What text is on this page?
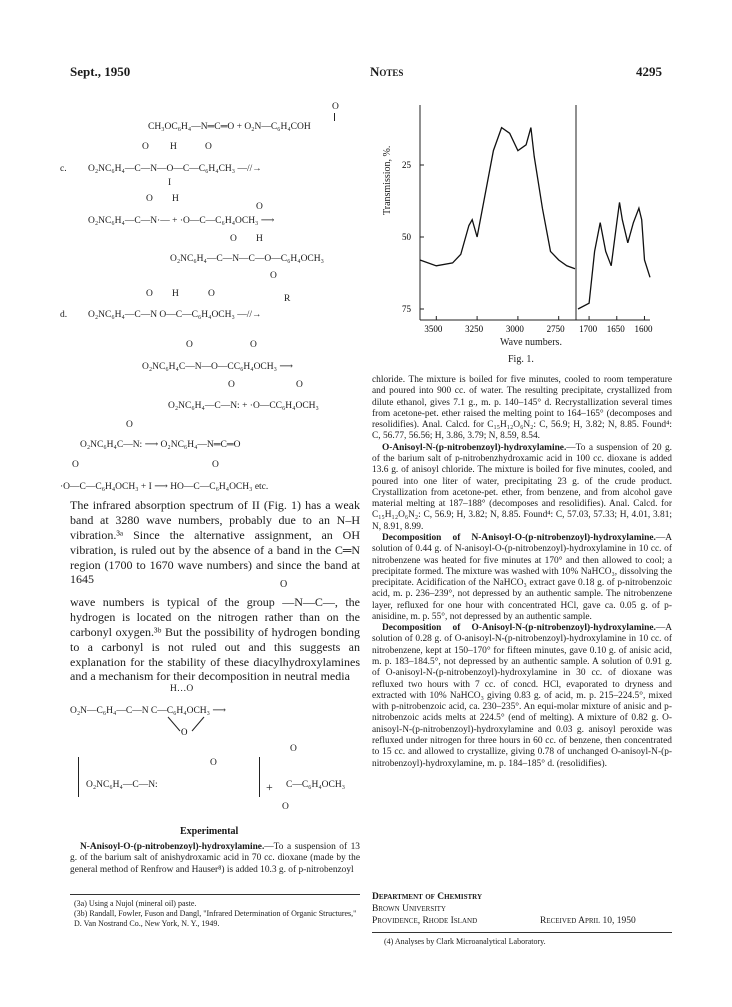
Sept., 1950	Notes	4295
O
CH₃OC₆H₄—N═C═O + O₂N—C₆H₄COH
O H	O
c. O₂NC₆H₄—C—N—O—C—C₆H₄CH₃ —//→
I
O H
O
O₂NC₆H₄—C—N·— + ·O—C—C₆H₄OCH₃ ⟶
O H
O₂NC₆H₄—C—N—C—O—C₆H₄OCH₃
O
O H	O	R
d. O₂NC₆H₄—C—N O—C—C₆H₄OCH₃ —//→
O	O
O₂NC₆H₄C—N—O—CC₆H₄OCH₃ ⟶
O	O
O₂NC₆H₄—C—N: + ·O—CC₆H₄OCH₃
O
O₂NC₆H₄C—N: ⟶ O₂NC₆H₄—N═C═O
O	O
·O—C—C₆H₄OCH₃ + I ⟶ HO—C—C₆H₄OCH₃ etc.
The infrared absorption spectrum of II (Fig. 1) has a weak band at 3280 wave numbers, probably due to an N–H vibration.³ᵃ Since the alternative assignment, an OH vibration, is ruled out by the absence of a band in the C═N region (1700 to 1670 wave numbers) and since the band at 1645	O
wave numbers is typical of the group —N—C—, the hydrogen is located on the nitrogen rather than on the carbonyl oxygen.³ᵇ But the possibility of hydrogen bonding to a carbonyl is not ruled out and this suggests an explanation for the stability of these diacylhydroxylamines and a mechanism for their decomposition in neutral media
H…O
O₂N—C₆H₄—C—N C—C₆H₄OCH₃ ⟶
O
O
O
O₂NC₆H₄—C—N:	+ C—C₆H₄OCH₃
O
Experimental

N-Anisoyl-O-(p-nitrobenzoyl)-hydroxylamine.—To a suspension of 13 g. of the barium salt of anishydroxamic acid in 70 cc. dioxane (made by the general method of Renfrow and Hauser⁸) is added 10.3 g. of p-nitrobenzoyl

(3a) Using a Nujol (mineral oil) paste.
(3b) Randall, Fowler, Fuson and Dangl, "Infrared Determination of Organic Structures," D. Van Nostrand Co., New York, N. Y., 1949.
25
50
75
3500	3250	3000	2750 1700 1650 1600
Wave numbers.
Fig. 1.
Transmission, %.

chloride. The mixture is boiled for five minutes, cooled to room temperature and poured into 900 cc. of water. The resulting precipitate, crystallized from dilute ethanol, gives 7.1 g., m. p. 140–145° d. Recrystallization several times from acetone-pet. ether raised the melting point to 164–165° (decomposes and resolidifies). Anal. Calcd. for C₁₅H₁₂O₆N₂: C, 56.9; H, 3.82; N, 8.85. Found⁴: C, 56.77, 56.56; H, 3.86, 3.79; N, 8.59, 8.54.

O-Anisoyl-N-(p-nitrobenzoyl)-hydroxylamine.—To a suspension of 20 g. of the barium salt of p-nitrobenzhydroxamic acid in 100 cc. dioxane is added 13.6 g. of anisoyl chloride. The mixture is boiled for five minutes, cooled, and poured into one liter of water, precipitating 23 g. of the crude product. Crystallization from acetone-pet. ether, from benzene, and from alcohol gave material melting at 187–188° (decomposes and resolidifies). Anal. Calcd. for C₁₅H₁₂O₆N₂: C, 56.9; H, 3.82; N, 8.85. Found⁴: C, 57.03, 57.33; H, 4.01, 3.81; N, 8.91, 8.99.

Decomposition of N-Anisoyl-O-(p-nitrobenzoyl)-hydroxylamine.—A solution of 0.44 g. of N-anisoyl-O-(p-nitrobenzoyl)-hydroxylamine in 10 cc. of nitrobenzene was heated for five minutes at 170° and then allowed to cool; a precipitate formed. The mixture was washed with 10% NaHCO₃, dissolving the precipitate. Acidification of the NaHCO₃ extract gave 0.18 g. of p-nitrobenzoic acid, m. p. 236–239°, not depressed by an authentic sample. The nitrobenzene layer, refluxed for one hour with concentrated HCl, gave ca. 0.05 g. of p-anisidine, m. p. 55°, not depressed by an authentic sample.

Decomposition of O-Anisoyl-N-(p-nitrobenzoyl)-hydroxylamine.—A solution of 0.28 g. of O-anisoyl-N-(p-nitrobenzoyl)-hydroxylamine in 10 cc. of nitrobenzene, kept at 150–170° for fifteen minutes, gave 0.10 g. of anisic acid, m. p. 183–184.5°, not depressed by an authentic sample. A solution of 0.91 g. of O-anisoyl-N-(p-nitrobenzoyl)-hydroxylamine in 30 cc. of dioxane was refluxed two hours with 7 cc. of concd. HCl, evaporated to dryness and extracted with 10% NaHCO₃ giving 0.83 g. of acid, m. p. 215–224.5°, mixed with p-nitrobenzoic acid, ca. 230–235°. An equi-molar mixture of anisic and p-nitrobenzoic acids melts at 224.5° (end of melting). A mixture of 0.82 g. O-anisoyl-N-(p-nitrobenzoyl)-hydroxylamine and 0.03 g. anisoyl peroxide was refluxed under nitrogen for three hours in 60 cc. of benzene, then concentrated to 15 cc. and allowed to crystallize, giving 0.78 of unchanged O-anisoyl-N-(p-nitrobenzoyl)-hydroxylamine, m. p. 184–185° d. (resolidifies).

Department of Chemistry
Brown University
Providence, Rhode Island	Received April 10, 1950
(4) Analyses by Clark Microanalytical Laboratory.
